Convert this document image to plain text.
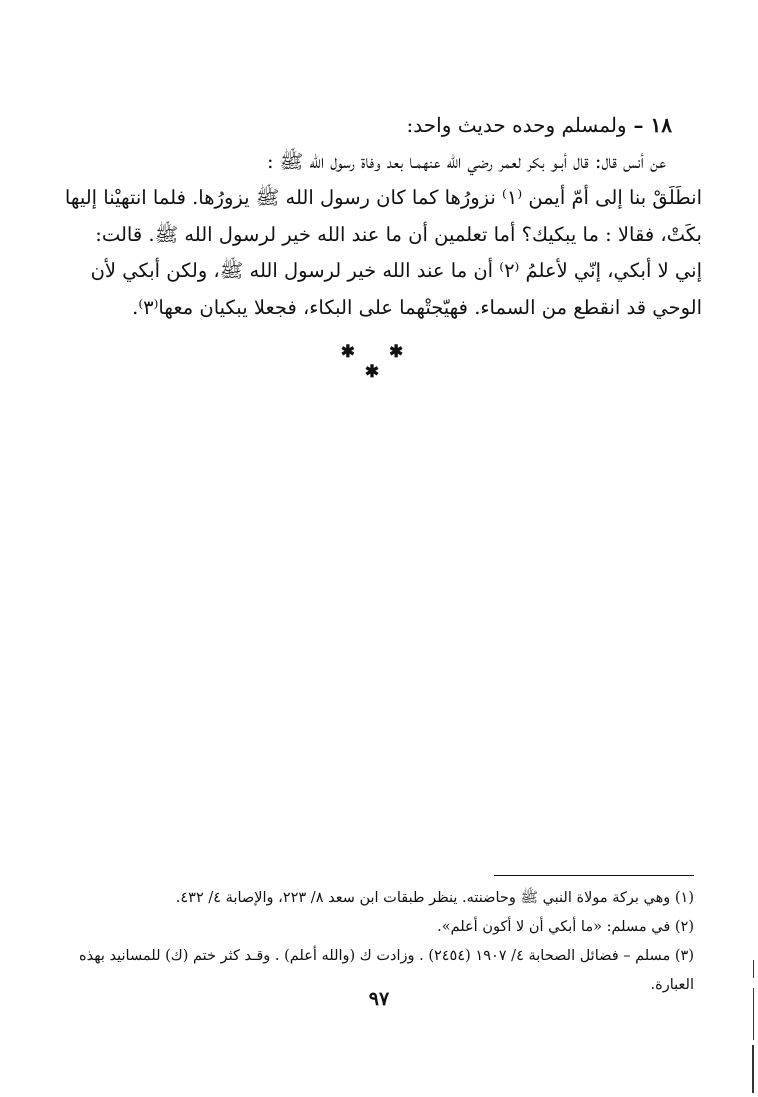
١٨ – ولمسلم وحده حديث واحد:
عن أنس قال: قال أبـو بكر لعمر رضي الله عنهمـا بعد وفاة رسول الله ﷺ :
انطَلَقْ بنا إلى أمّ أيمن ⁽١⁾ نزورُها كما كان رسول الله ﷺ يزورُها. فلما انتهيْنا إليها
بكَتْ، فقالا : ما يبكيك؟ أما تعلمين أن ما عند الله خير لرسول الله ﷺ. قالت:
إني لا أبكي، إنّي لأعلمُ ⁽٢⁾ أن ما عند الله خير لرسول الله ﷺ، ولكن أبكي لأن
الوحي قد انقطع من السماء. فهيّجتْهما على البكاء، فجعلا يبكيان معها⁽٣⁾.
✱ ✱ ✱
(١) وهي بركة مولاة النبي ﷺ وحاضنته. ينظر طبقات ابن سعد ٨/ ٢٢٣، والإصابة ٤/ ٤٣٢.
(٢) في مسلم: «ما أبكي أن لا أكون أعلم».
(٣) مسلم – فضائل الصحابة ٤/ ١٩٠٧ (٢٤٥٤) . وزادت ك (والله أعلم) . وقـد كثر ختم (ك) للمسانيد بهذه
العبارة.
٩٧
